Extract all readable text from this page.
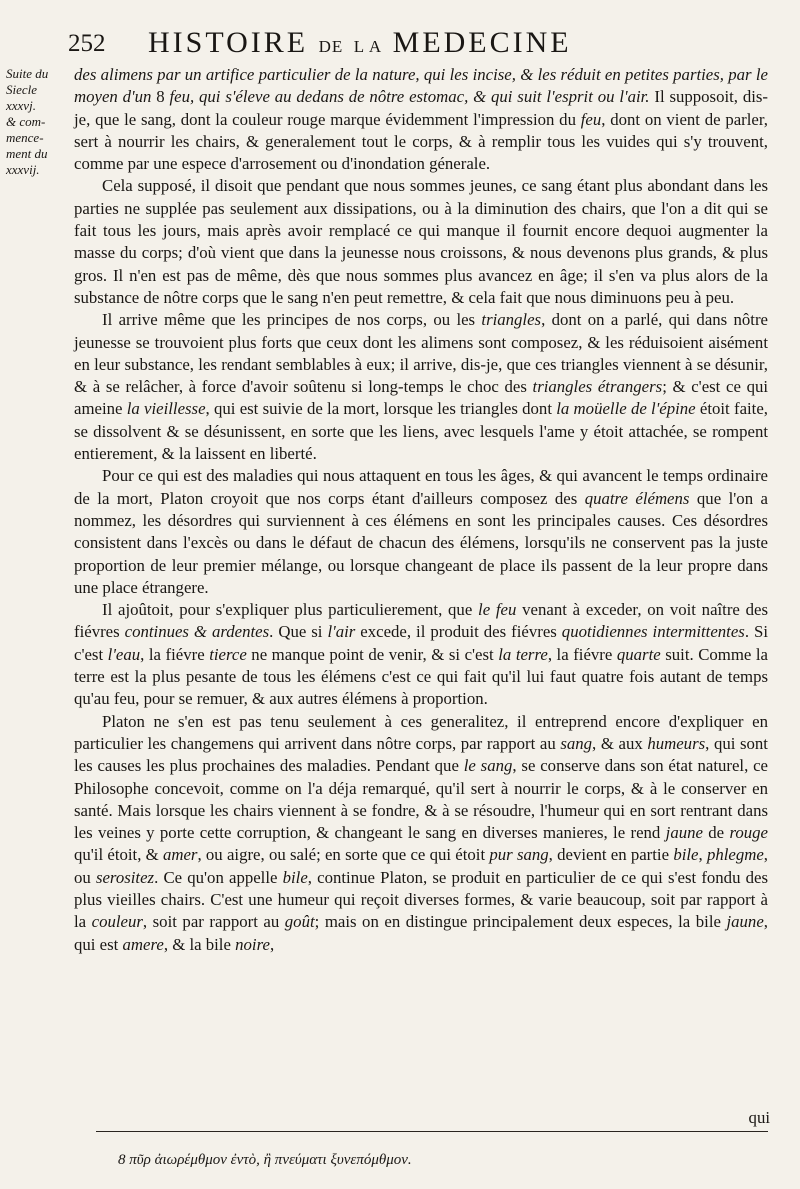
252 HISTOIRE DE L A MEDECINE
Suite du
Siecle
xxxvj.
& com-
mence-
ment du
xxxvij.

des alimens par un artifice particulier de la nature, qui les incise, & les réduit en petites parties, par le moyen d'un 8 feu, qui s'éleve au dedans de nôtre estomac, & qui suit l'esprit ou l'air. Il supposoit, dis-je, que le sang, dont la couleur rouge marque évidemment l'impression du feu, dont on vient de parler, sert à nourrir les chairs, & generalement tout le corps, & à remplir tous les vuides qui s'y trouvent, comme par une espece d'arrosement ou d'inondation génerale.

Cela supposé, il disoit que pendant que nous sommes jeunes, ce sang étant plus abondant dans les parties ne supplée pas seulement aux dissipations, ou à la diminution des chairs, que l'on a dit qui se fait tous les jours, mais après avoir remplacé ce qui manque il fournit encore dequoi augmenter la masse du corps; d'où vient que dans la jeunesse nous croissons, & nous devenons plus grands, & plus gros. Il n'en est pas de même, dès que nous sommes plus avancez en âge; il s'en va plus alors de la substance de nôtre corps que le sang n'en peut remettre, & cela fait que nous diminuons peu à peu.

Il arrive même que les principes de nos corps, ou les triangles, dont on a parlé, qui dans nôtre jeunesse se trouvoient plus forts que ceux dont les alimens sont composez, & les réduisoient aisément en leur substance, les rendant semblables à eux; il arrive, dis-je, que ces triangles viennent à se désunir, & à se relâcher, à force d'avoir soûtenu si long-temps le choc des triangles étrangers; & c'est ce qui ameine la vieillesse, qui est suivie de la mort, lorsque les triangles dont la moüelle de l'épine étoit faite, se dissolvent & se désunissent, en sorte que les liens, avec lesquels l'ame y étoit attachée, se rompent entierement, & la laissent en liberté.

Pour ce qui est des maladies qui nous attaquent en tous les âges, & qui avancent le temps ordinaire de la mort, Platon croyoit que nos corps étant d'ailleurs composez des quatre élémens que l'on a nommez, les désordres qui surviennent à ces élémens en sont les principales causes. Ces désordres consistent dans l'excès ou dans le défaut de chacun des élémens, lorsqu'ils ne conservent pas la juste proportion de leur premier mélange, ou lorsque changeant de place ils passent de la leur propre dans une place étrangere.

Il ajoûtoit, pour s'expliquer plus particulierement, que le feu venant à exceder, on voit naître des fiévres continues & ardentes. Que si l'air excede, il produit des fiévres quotidiennes intermittentes. Si c'est l'eau, la fiévre tierce ne manque point de venir, & si c'est la terre, la fiévre quarte suit. Comme la terre est la plus pesante de tous les élémens c'est ce qui fait qu'il lui faut quatre fois autant de temps qu'au feu, pour se remuer, & aux autres élémens à proportion.

Platon ne s'en est pas tenu seulement à ces generalitez, il entreprend encore d'expliquer en particulier les changemens qui arrivent dans nôtre corps, par rapport au sang, & aux humeurs, qui sont les causes les plus prochaines des maladies. Pendant que le sang, se conserve dans son état naturel, ce Philosophe concevoit, comme on l'a déja remarqué, qu'il sert à nourrir le corps, & à le conserver en santé. Mais lorsque les chairs viennent à se fondre, & à se résoudre, l'humeur qui en sort rentrant dans les veines y porte cette corruption, & changeant le sang en diverses manieres, le rend jaune de rouge qu'il étoit, & amer, ou aigre, ou salé; en sorte que ce qui étoit pur sang, devient en partie bile, phlegme, ou serositez. Ce qu'on appelle bile, continue Platon, se produit en particulier de ce qui s'est fondu des plus vieilles chairs. C'est une humeur qui reçoit diverses formes, & varie beaucoup, soit par rapport à la couleur, soit par rapport au goût; mais on en distingue principalement deux especes, la bile jaune, qui est amere, & la bile noire,

qui
8 πῦρ ἀιωρέμθμον ἐντὸ, ἢ πνεύματι ξυνεπόμθμον.
